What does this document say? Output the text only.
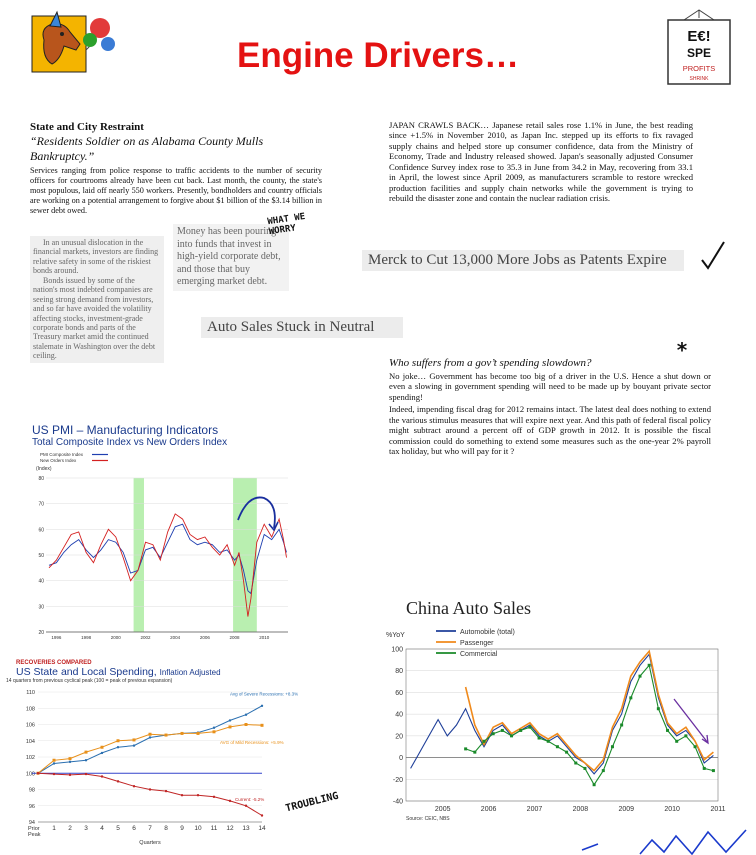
Engine Drivers…	E€!
SPE
PROFITS
SHRINK
State and City Restraint
“Residents Soldier on as Alabama County Mulls Bankruptcy.”
Services ranging from police response to traffic accidents to the number of security officers for courtrooms already have been cut back. Last month, the county, the state's most populous, laid off nearly 550 workers. Presently, bondholders and country officials are working on a potential arrangement to forgive about $1 billion of the $3.14 billion in sewer debt owed.
JAPAN CRAWLS BACK… Japanese retail sales rose 1.1% in June, the best reading since +1.5% in November 2010, as Japan Inc. stepped up its efforts to fix ravaged supply chains and helped store up consumer confidence, data from the Ministry of Economy, Trade and Industry released showed. Japan's seasonally adjusted Consumer Confidence Survey index rose to 35.3 in June from 34.2 in May, recovering from 33.1 in April, the lowest since April 2009, as manufacturers scramble to restore wrecked production facilities and supply chain networks while the government is trying to rebuild the disaster zone and contain the nuclear radiation crisis.
In an unusual dislocation in the financial markets, investors are finding relative safety in some of the riskiest bonds around.
Bonds issued by some of the nation's most indebted companies are seeing strong demand from investors, and so far have avoided the volatility affecting stocks, investment-grade corporate bonds and parts of the Treasury market amid the continued stalemate in Washington over the debt ceiling.
Money has been pouring into funds that invest in high-yield corporate debt, and those that buy emerging market debt.
WHAT WE WORRY
Merck to Cut 13,000 More Jobs as Patents Expire
Auto Sales Stuck in Neutral
Who suffers from a gov’t spending slowdown?
No joke… Government has become too big of a driver in the U.S. Hence a shut down or even a slowing in government spending will need to be made up by bouyant private sector spending!
Indeed, impending fiscal drag for 2012 remains intact. The latest deal does nothing to extend the various stimulus measures that will expire next year. And this path of federal fiscal policy might subtract around a percent off of GDP growth in 2012. It is possible the fiscal commission could do something to extend some measures such as the one-year 2% payroll tax holiday, but who will pay for it ?
*
US PMI – Manufacturing Indicators
Total Composite Index vs New Orders Index
PMI Composite Index
New Orders Index
(Index)
20
30
40
50
60
70
80
1996	1998	2000	2002	2004	2006	2008	2010
RECOVERIES COMPARED
US State and Local Spending, Inflation Adjusted
14 quarters from previous cyclical peak (100 = peak of previous expansion)
94
96
98
100
102
104
106
108
110
Prior
Peak
1 2 3 4 5 6 7 8 9 10 11 12 13 14
Quarters
Avg of Severe Recessions: +8.3%
AVG of Mild Recessions: +5.9%
Current: -5.2% TROUBLING
China Auto Sales
%YoY	Automobile (total)
Passenger
Commercial
-40
-20
0
20
40
60
80
100
2005	2006	2007	2008	2009	2010	2011
Source: CEIC, NBS
